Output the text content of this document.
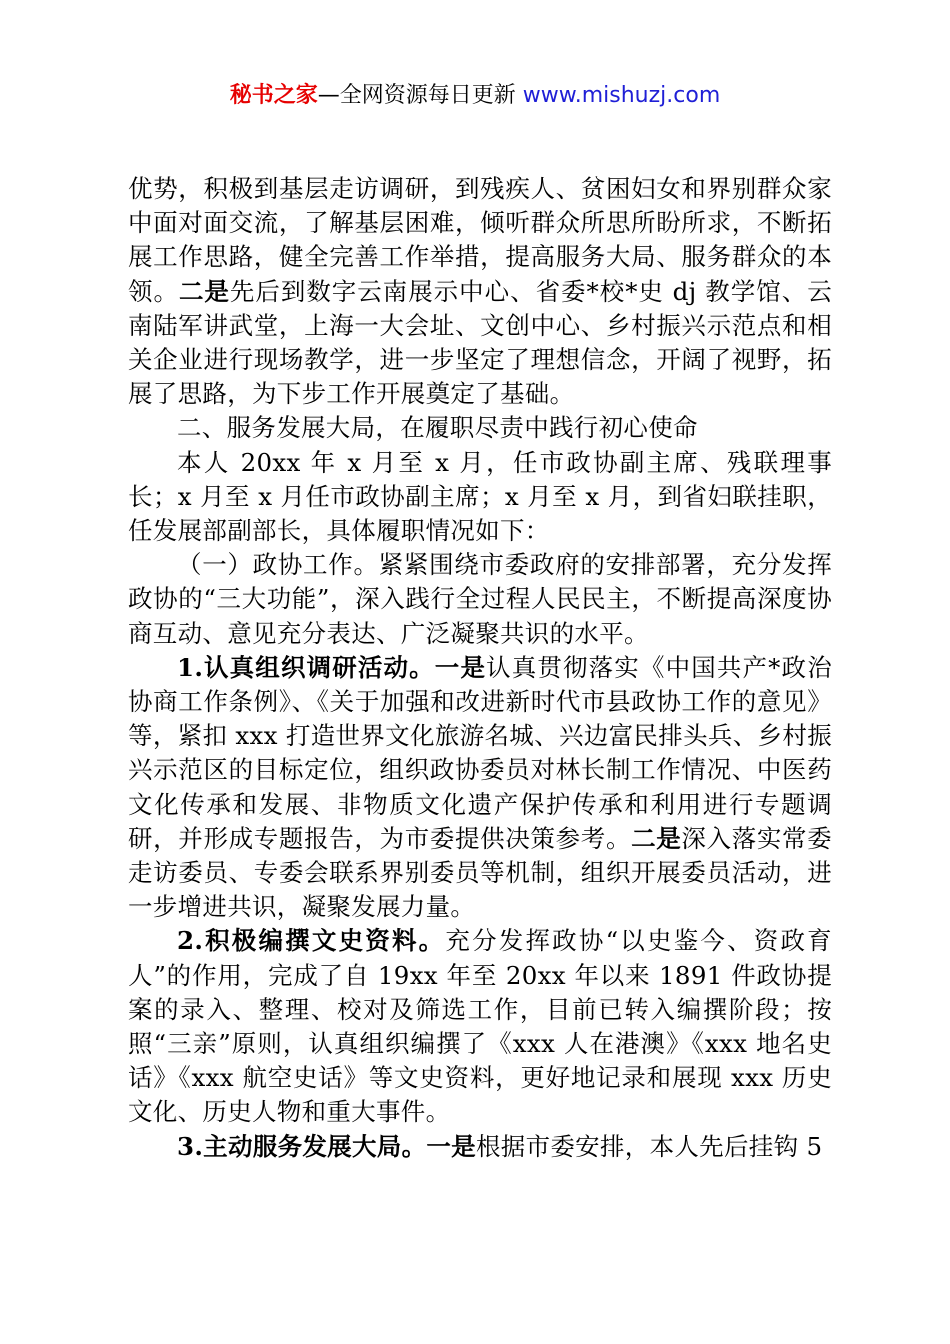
秘书之家—全网资源每日更新 www.mishuzj.com

优势，积极到基层走访调研，到残疾人、贫困妇女和界别群众家中面对面交流，了解基层困难，倾听群众所思所盼所求，不断拓展工作思路，健全完善工作举措，提高服务大局、服务群众的本领。二是先后到数字云南展示中心、省委*校*史 dj 教学馆、云南陆军讲武堂，上海一大会址、文创中心、乡村振兴示范点和相关企业进行现场教学，进一步坚定了理想信念，开阔了视野，拓展了思路，为下步工作开展奠定了基础。

二、服务发展大局，在履职尽责中践行初心使命

本人 20xx 年 x 月至 x 月，任市政协副主席、残联理事长；x 月至 x 月任市政协副主席；x 月至 x 月，到省妇联挂职，任发展部副部长，具体履职情况如下：

（一）政协工作。紧紧围绕市委政府的安排部署，充分发挥政协的“三大功能”，深入践行全过程人民民主，不断提高深度协商互动、意见充分表达、广泛凝聚共识的水平。

1.认真组织调研活动。一是认真贯彻落实《中国共产*政治协商工作条例》、《关于加强和改进新时代市县政协工作的意见》等，紧扣 xxx 打造世界文化旅游名城、兴边富民排头兵、乡村振兴示范区的目标定位，组织政协委员对林长制工作情况、中医药文化传承和发展、非物质文化遗产保护传承和利用进行专题调研，并形成专题报告，为市委提供决策参考。二是深入落实常委走访委员、专委会联系界别委员等机制，组织开展委员活动，进一步增进共识，凝聚发展力量。

2.积极编撰文史资料。充分发挥政协“以史鉴今、资政育人”的作用，完成了自 19xx 年至 20xx 年以来 1891 件政协提案的录入、整理、校对及筛选工作，目前已转入编撰阶段；按照“三亲”原则，认真组织编撰了《xxx 人在港澳》《xxx 地名史话》《xxx 航空史话》等文史资料，更好地记录和展现 xxx 历史文化、历史人物和重大事件。

3.主动服务发展大局。一是根据市委安排，本人先后挂钩 5
